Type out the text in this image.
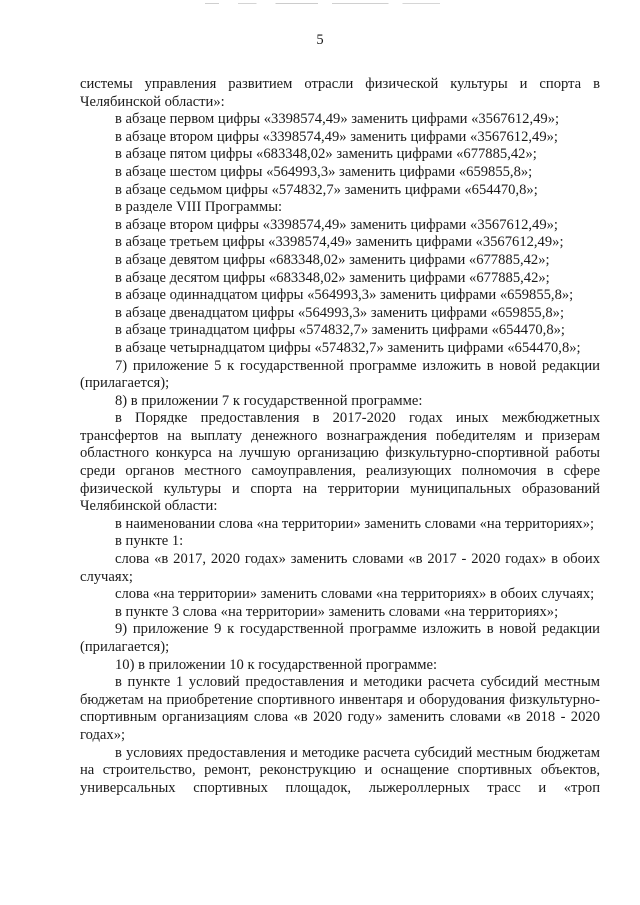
5

системы управления развитием отрасли физической культуры и спорта в Челябинской области»:

в абзаце первом цифры «3398574,49» заменить цифрами «3567612,49»;

в абзаце втором цифры «3398574,49» заменить цифрами «3567612,49»;

в абзаце пятом цифры «683348,02» заменить цифрами «677885,42»;

в абзаце шестом цифры «564993,3» заменить цифрами «659855,8»;

в абзаце седьмом цифры «574832,7» заменить цифрами «654470,8»;

в разделе VIII Программы:

в абзаце втором цифры «3398574,49» заменить цифрами «3567612,49»;

в абзаце третьем цифры «3398574,49» заменить цифрами «3567612,49»;

в абзаце девятом цифры «683348,02» заменить цифрами «677885,42»;

в абзаце десятом цифры «683348,02» заменить цифрами «677885,42»;

в абзаце одиннадцатом цифры «564993,3» заменить цифрами «659855,8»;

в абзаце двенадцатом цифры «564993,3» заменить цифрами «659855,8»;

в абзаце тринадцатом цифры «574832,7» заменить цифрами «654470,8»;

в абзаце четырнадцатом цифры «574832,7» заменить цифрами «654470,8»;

7) приложение 5 к государственной программе изложить в новой редакции (прилагается);

8) в приложении 7 к государственной программе:

в Порядке предоставления в 2017-2020 годах иных межбюджетных трансфертов на выплату денежного вознаграждения победителям и призерам областного конкурса на лучшую организацию физкультурно-спортивной работы среди органов местного самоуправления, реализующих полномочия в сфере физической культуры и спорта на территории муниципальных образований Челябинской области:

в наименовании слова «на территории» заменить словами «на территориях»;

в пункте 1:

слова «в 2017, 2020 годах» заменить словами «в 2017 - 2020 годах» в обоих случаях;

слова «на территории» заменить словами «на территориях» в обоих случаях;

в пункте 3 слова «на территории» заменить словами «на территориях»;

9) приложение 9 к государственной программе изложить в новой редакции (прилагается);

10) в приложении 10 к государственной программе:

в пункте 1 условий предоставления и методики расчета субсидий местным бюджетам на приобретение спортивного инвентаря и оборудования физкультурно-спортивным организациям слова «в 2020 году» заменить словами «в 2018 - 2020 годах»;

в условиях предоставления и методике расчета субсидий местным бюджетам на строительство, ремонт, реконструкцию и оснащение спортивных объектов, универсальных спортивных площадок, лыжероллерных трасс и «троп
